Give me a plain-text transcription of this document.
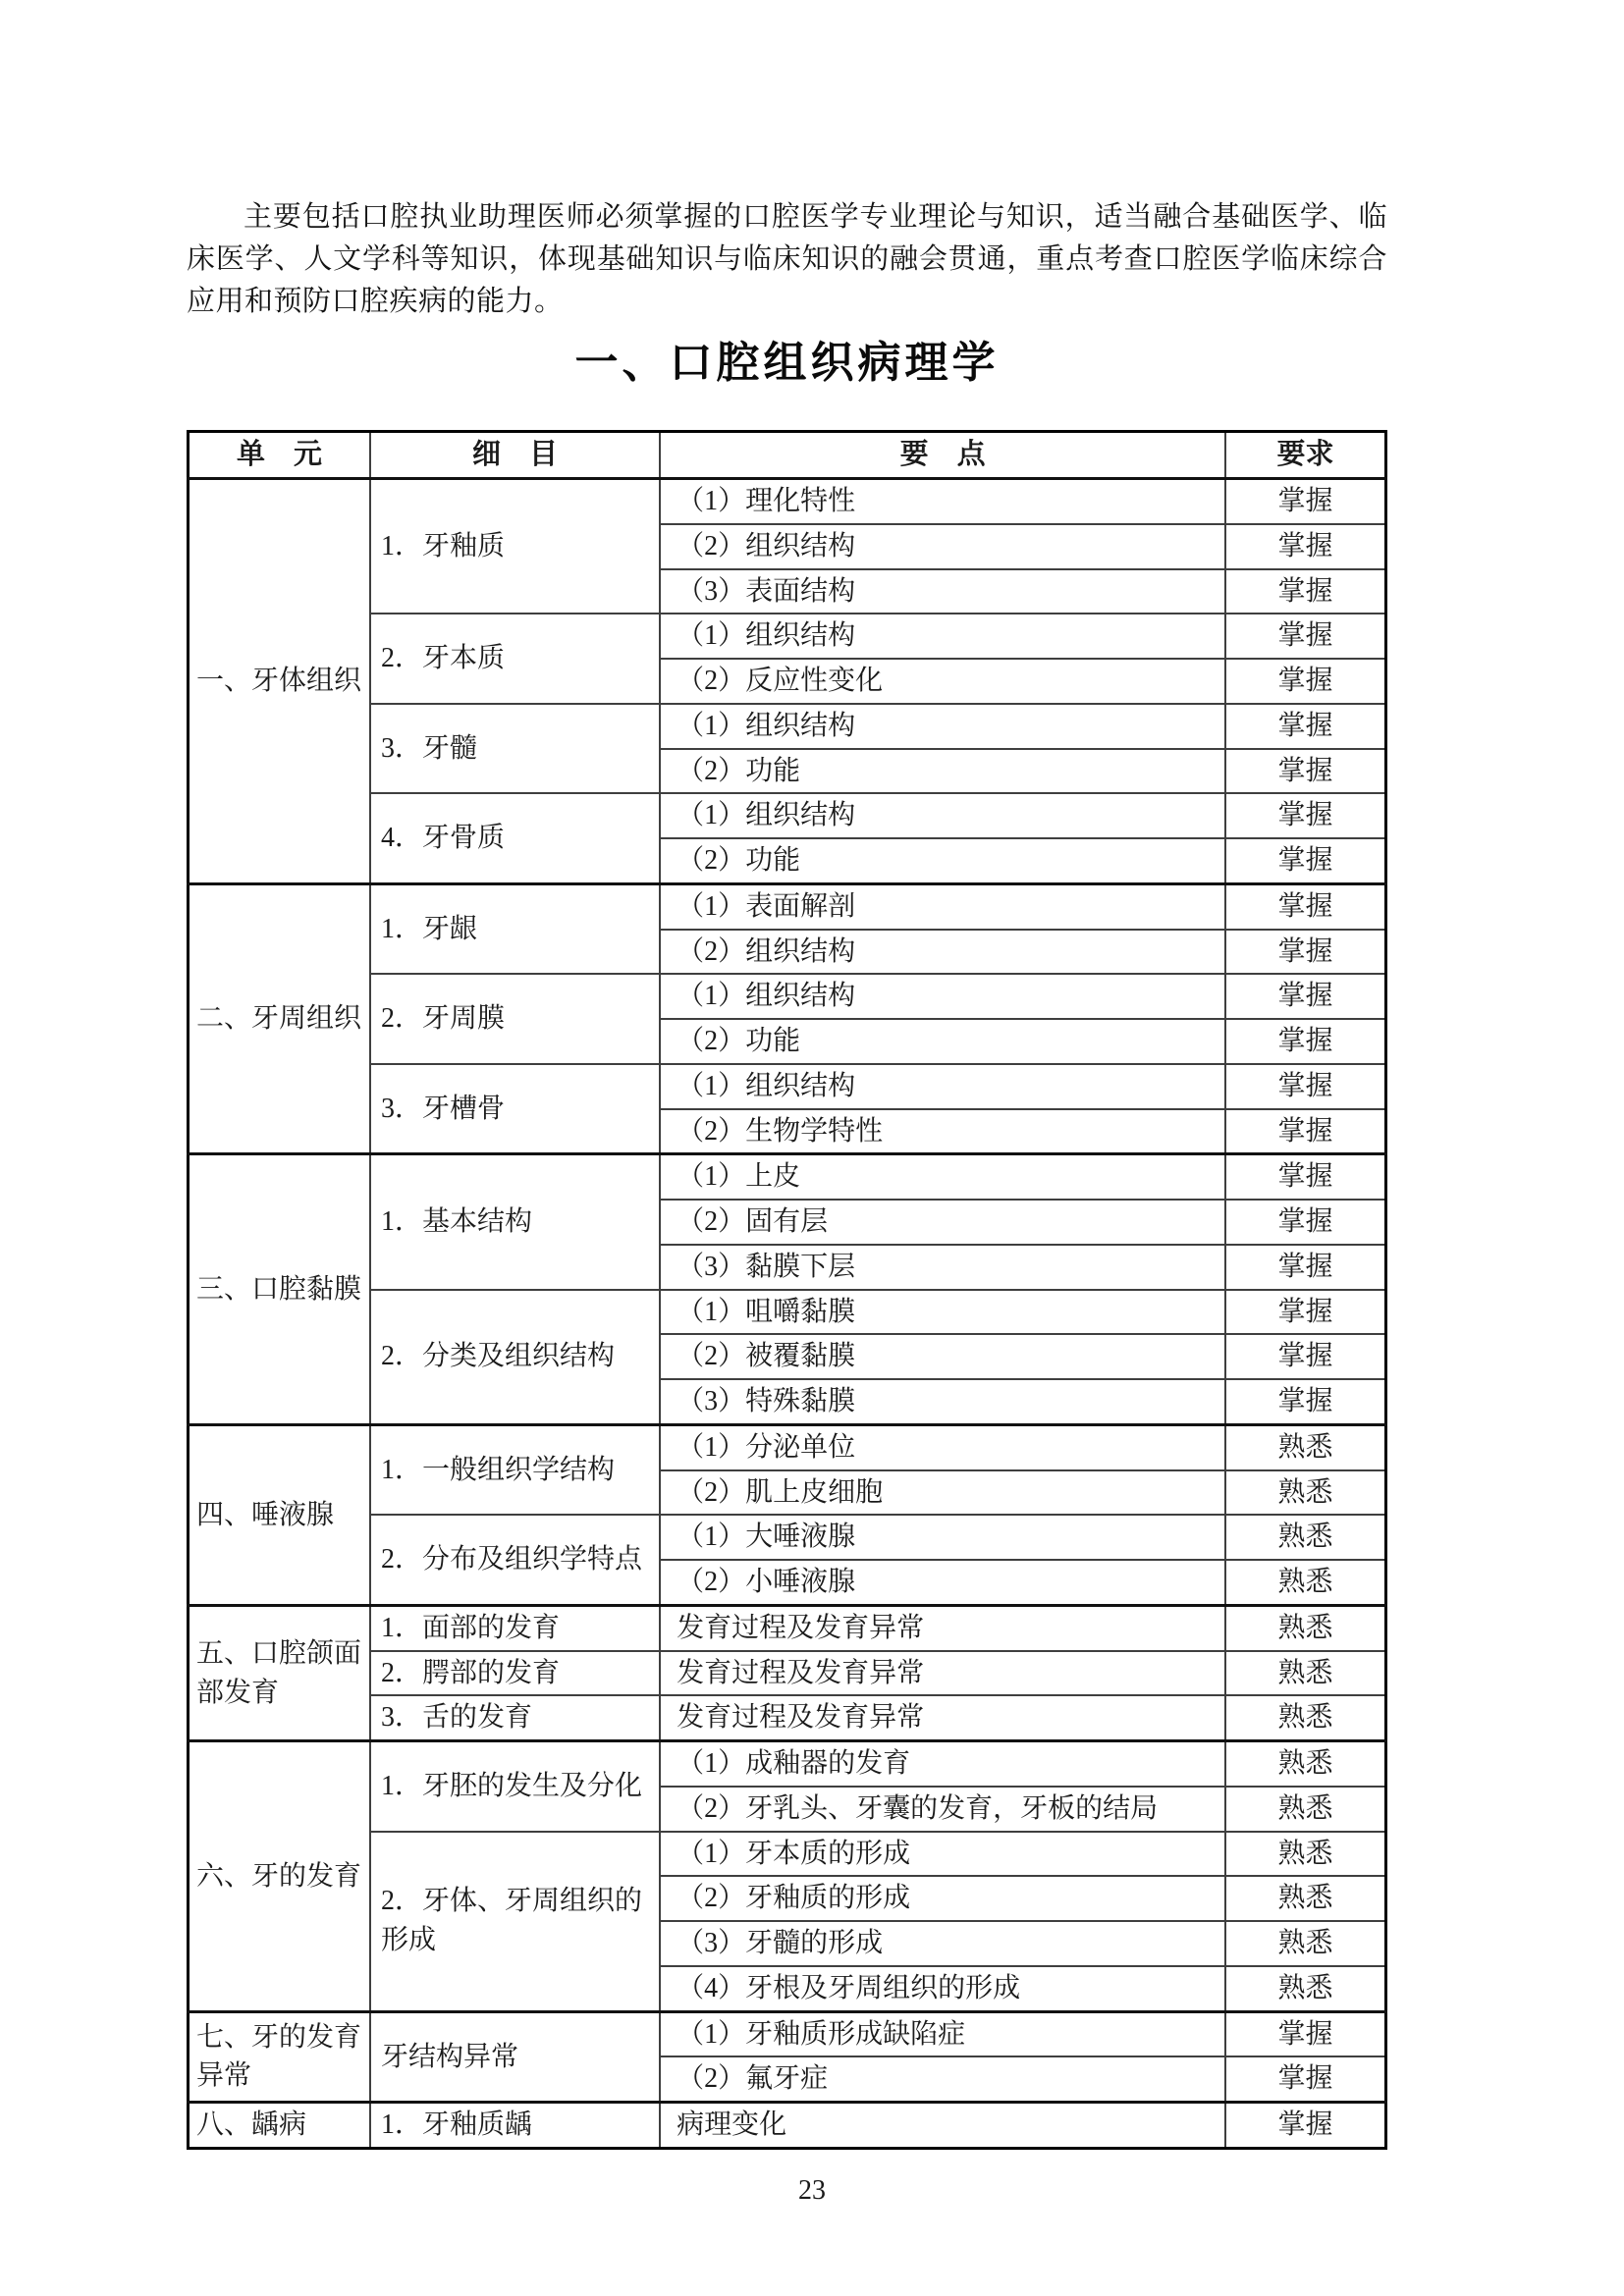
主要包括口腔执业助理医师必须掌握的口腔医学专业理论与知识，适当融合基础医学、临床医学、人文学科等知识，体现基础知识与临床知识的融会贯通，重点考查口腔医学临床综合应用和预防口腔疾病的能力。

一、口腔组织病理学
单　元	细　目	要　点	要求
一、牙体组织	1．牙釉质	（1）理化特性	掌握
		（2）组织结构	掌握
		（3）表面结构	掌握
	2．牙本质	（1）组织结构	掌握
		（2）反应性变化	掌握
	3．牙髓	（1）组织结构	掌握
		（2）功能	掌握
	4．牙骨质	（1）组织结构	掌握
		（2）功能	掌握
二、牙周组织	1．牙龈	（1）表面解剖	掌握
		（2）组织结构	掌握
	2．牙周膜	（1）组织结构	掌握
		（2）功能	掌握
	3．牙槽骨	（1）组织结构	掌握
		（2）生物学特性	掌握
三、口腔黏膜	1．基本结构	（1）上皮	掌握
		（2）固有层	掌握
		（3）黏膜下层	掌握
	2．分类及组织结构	（1）咀嚼黏膜	掌握
		（2）被覆黏膜	掌握
		（3）特殊黏膜	掌握
四、唾液腺	1．一般组织学结构	（1）分泌单位	熟悉
		（2）肌上皮细胞	熟悉
	2．分布及组织学特点	（1）大唾液腺	熟悉
		（2）小唾液腺	熟悉
五、口腔颌面部发育	1．面部的发育	发育过程及发育异常	熟悉
	2．腭部的发育	发育过程及发育异常	熟悉
	3．舌的发育	发育过程及发育异常	熟悉
六、牙的发育	1．牙胚的发生及分化	（1）成釉器的发育	熟悉
		（2）牙乳头、牙囊的发育，牙板的结局	熟悉
	2．牙体、牙周组织的形成	（1）牙本质的形成	熟悉
		（2）牙釉质的形成	熟悉
		（3）牙髓的形成	熟悉
		（4）牙根及牙周组织的形成	熟悉
七、牙的发育异常	牙结构异常	（1）牙釉质形成缺陷症	掌握
		（2）氟牙症	掌握
八、龋病	1．牙釉质龋	病理变化	掌握
23
